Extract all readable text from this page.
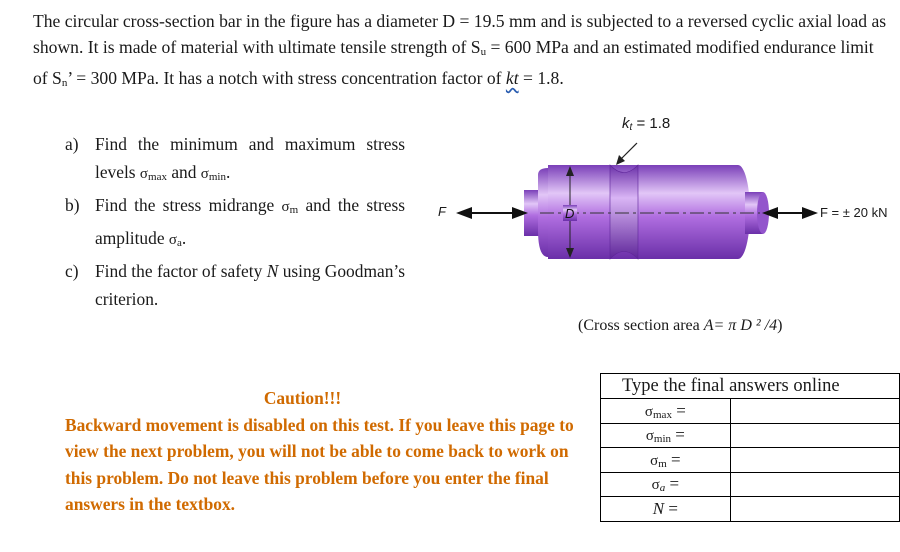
The circular cross-section bar in the figure has a diameter D = 19.5 mm and is subjected to a reversed cyclic axial load as shown. It is made of material with ultimate tensile strength of $S_u = 600$ MPa and an estimated modified endurance limit of $S_n$’ = 300 MPa. It has a notch with stress concentration factor of kt = 1.8.

a) Find the minimum and maximum stress levels $\sigma_{max}$ and $\sigma_{min}$.
b) Find the stress midrange $\sigma_m$ and the stress amplitude $\sigma_a$.
c) Find the factor of safety N using Goodman’s criterion.
D
$k_t = 1.8$
F	F = ± 20 kN
(Cross section area A= π D ² /4)
Caution!!!
Backward movement is disabled on this test. If you leave this page to view the next problem, you will not be able to come back to work on this problem. Do not leave this problem before you enter the final answers in the textbox.
Type the final answers online	
$\sigma_{max}$ =	
$\sigma_{min}$ =	
$\sigma_m$ =	
$\sigma_a$ =	
N =	
